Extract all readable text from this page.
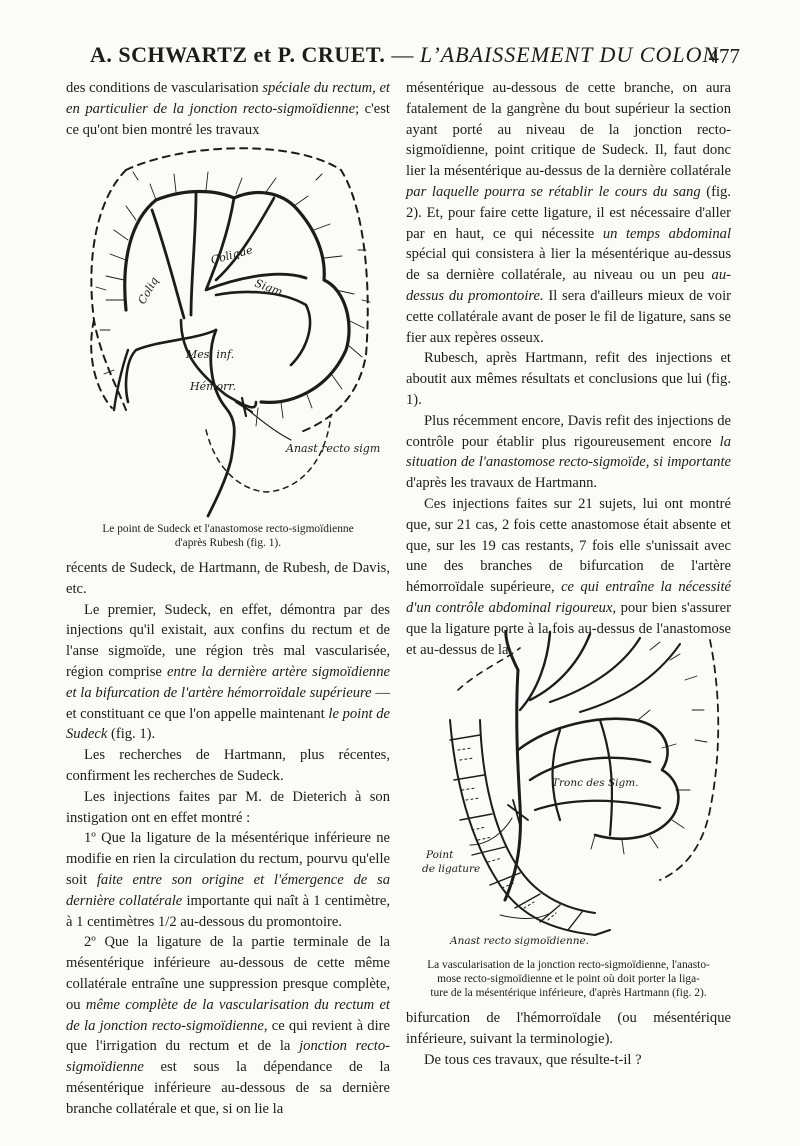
A. SCHWARTZ et P. CRUET. — L’ABAISSEMENT DU COLON
477

des conditions de vascularisation spéciale du rectum, et en particulier de la jonction recto-sigmoïdienne; c'est ce qu'ont bien montré les travaux

Colique
Coliq	Sigm.
Mes. inf.
Hémorr.
Anast recto sigm
Le point de Sudeck et l'anastomose recto-sigmoïdienne
d'après Rubesh (fig. 1).

récents de Sudeck, de Hartmann, de Rubesh, de Davis, etc.

Le premier, Sudeck, en effet, démontra par des injections qu'il existait, aux confins du rectum et de l'anse sigmoïde, une région très mal vascularisée, région comprise entre la dernière artère sigmoïdienne et la bifurcation de l'artère hémorroïdale supérieure — et constituant ce que l'on appelle maintenant le point de Sudeck (fig. 1).

Les recherches de Hartmann, plus récentes, confirment les recherches de Sudeck.

Les injections faites par M. de Dieterich à son instigation ont en effet montré :

1º Que la ligature de la mésentérique inférieure ne modifie en rien la circulation du rectum, pourvu qu'elle soit faite entre son origine et l'émergence de sa dernière collatérale importante qui naît à 1 centimètre, à 1 centimètres 1/2 au-dessous du promontoire.

2º Que la ligature de la partie terminale de la mésentérique inférieure au-dessous de cette même collatérale entraîne une suppression presque complète, ou même complète de la vascularisation du rectum et de la jonction recto-sigmoïdienne, ce qui revient à dire que l'irrigation du rectum et de la jonction recto-sigmoïdienne est sous la dépendance de la mésentérique inférieure au-dessous de sa dernière branche collatérale et que, si on lie la

mésentérique au-dessous de cette branche, on aura fatalement de la gangrène du bout supérieur la section ayant porté au niveau de la jonction recto-sigmoïdienne, point critique de Sudeck. Il, faut donc lier la mésentérique au-dessus de la dernière collatérale par laquelle pourra se rétablir le cours du sang (fig. 2). Et, pour faire cette ligature, il est nécessaire d'aller par en haut, ce qui nécessite un temps abdominal spécial qui consistera à lier la mésentérique au-dessus de sa dernière collatérale, au niveau ou un peu au-dessus du promontoire. Il sera d'ailleurs mieux de voir cette collatérale avant de poser le fil de ligature, sans se fier aux repères osseux.

Rubesch, après Hartmann, refit des injections et aboutit aux mêmes résultats et conclusions que lui (fig. 1).

Plus récemment encore, Davis refit des injections de contrôle pour établir plus rigoureusement encore la situation de l'anastomose recto-sigmoïde, si importante d'après les travaux de Hartmann.

Ces injections faites sur 21 sujets, lui ont montré que, sur 21 cas, 2 fois cette anastomose était absente et que, sur les 19 cas restants, 7 fois elle s'unissait avec une des branches de bifurcation de l'artère hémorroïdale supérieure, ce qui entraîne la nécessité d'un contrôle abdominal rigoureux, pour bien s'assurer que la ligature porte à la fois au-dessus de l'anastomose et au-dessus de la

Tronc des Sigm.
Point
de ligature
Anast recto sigmoïdienne.
La vascularisation de la jonction recto-sigmoïdienne, l'anasto-
mose recto-sigmoïdienne et le point où doit porter la liga-
ture de la mésentérique inférieure, d'après Hartmann (fig. 2).

bifurcation de l'hémorroïdale (ou mésentérique inférieure, suivant la terminologie).

De tous ces travaux, que résulte-t-il ?
